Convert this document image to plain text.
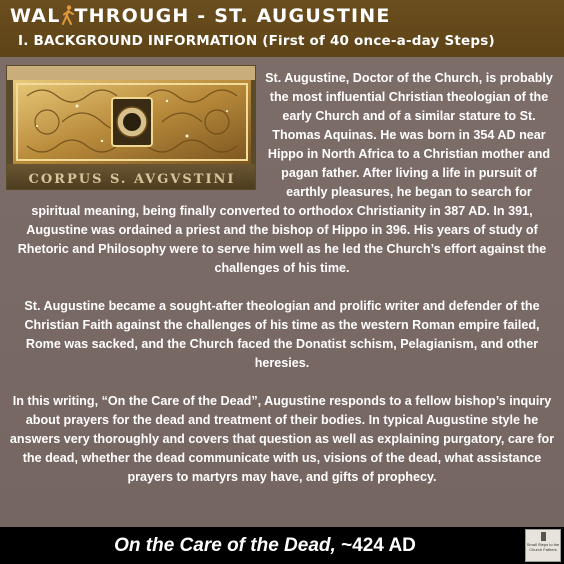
WAL THROUGH - ST. AUGUSTINE
I. BACKGROUND INFORMATION (First of 40 once-a-day Steps)
CORPUS S. AVGVSTINI

St. Augustine, Doctor of the Church, is probably the most influential Christian theologian of the early Church and of a similar stature to St. Thomas Aquinas. He was born in 354 AD near Hippo in North Africa to a Christian mother and pagan father. After living a life in pursuit of earthly pleasures, he began to search for spiritual meaning, being finally converted to orthodox Christianity in 387 AD. In 391, Augustine was ordained a priest and the bishop of Hippo in 396. His years of study of Rhetoric and Philosophy were to serve him well as he led the Church’s effort against the challenges of his time.

St. Augustine became a sought-after theologian and prolific writer and defender of the Christian Faith against the challenges of his time as the western Roman empire failed, Rome was sacked, and the Church faced the Donatist schism, Pelagianism, and other heresies.

In this writing, “On the Care of the Dead”, Augustine responds to a fellow bishop’s inquiry about prayers for the dead and treatment of their bodies. In typical Augustine style he answers very thoroughly and covers that question as well as explaining purgatory, care for the dead, whether the dead communicate with us, visions of the dead, what assistance prayers to martyrs may have, and gifts of prophecy.

On the Care of the Dead, ~424 AD	Small Steps to the Church Fathers
